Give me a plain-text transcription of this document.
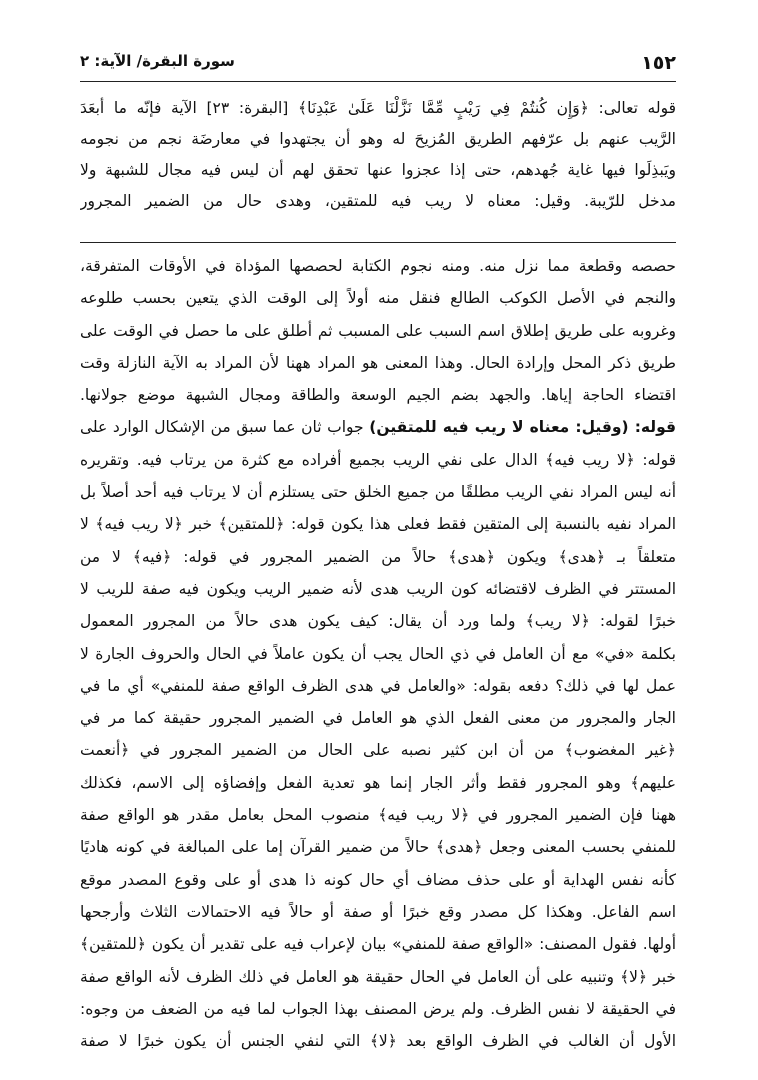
١٥٢
سورة البقرة/ الآية: ٢
قوله تعالى: ﴿وَإِن كُنتُمْ فِي رَيْبٍ مِّمَّا نَزَّلْنَا عَلَىٰ عَبْدِنَا﴾ [البقرة: ٢٣] الآية فإنّه ما أبعَدَ
الرَّيب عنهم بل عرّفهم الطريق المُزيحَ له وهو أن يجتهدوا في معارضَة نجم من نجومه
ويَبذِلَوا فيها غاية جُهدهم، حتى إذا عجزوا عنها تحقق لهم أن ليس فيه مجال للشبهة ولا
مدخل للرّيبة. وقيل: معناه لا ريب فيه للمتقين، وهدى حال من الضمير المجرور
حصصه وقطعة مما نزل منه. ومنه نجوم الكتابة لحصصها المؤداة في الأوقات المتفرقة،
والنجم في الأصل الكوكب الطالع فنقل منه أولاً إلى الوقت الذي يتعين بحسب طلوعه
وغروبه على طريق إطلاق اسم السبب على المسبب ثم أطلق على ما حصل في الوقت على
طريق ذكر المحل وإرادة الحال. وهذا المعنى هو المراد ههنا لأن المراد به الآية النازلة وقت
اقتضاء الحاجة إياها. والجهد بضم الجيم الوسعة والطاقة ومجال الشبهة موضع جولانها.
قوله: (وقيل: معناه لا ريب فيه للمتقين) جواب ثان عما سبق من الإشكال الوارد على
قوله: ﴿لا ريب فيه﴾ الدال على نفي الريب بجميع أفراده مع كثرة من يرتاب فيه. وتقريره
أنه ليس المراد نفي الريب مطلقًا من جميع الخلق حتى يستلزم أن لا يرتاب فيه أحد أصلاً بل
المراد نفيه بالنسبة إلى المتقين فقط فعلى هذا يكون قوله: ﴿للمتقين﴾ خبر ﴿لا ريب فيه﴾ لا
متعلقاً بـ ﴿هدى﴾ ويكون ﴿هدى﴾ حالاً من الضمير المجرور في قوله: ﴿فيه﴾ لا من
المستتر في الظرف لاقتضائه كون الريب هدى لأنه ضمير الريب ويكون فيه صفة للريب لا
خبرًا لقوله: ﴿لا ريب﴾ ولما ورد أن يقال: كيف يكون هدى حالاً من المجرور المعمول
بكلمة «في» مع أن العامل في ذي الحال يجب أن يكون عاملاً في الحال والحروف الجارة لا
عمل لها في ذلك؟ دفعه بقوله: «والعامل في هدى الظرف الواقع صفة للمنفي» أي ما في
الجار والمجرور من معنى الفعل الذي هو العامل في الضمير المجرور حقيقة كما مر في
﴿غير المغضوب﴾ من أن ابن كثير نصبه على الحال من الضمير المجرور في ﴿أنعمت
عليهم﴾ وهو المجرور فقط وأثر الجار إنما هو تعدية الفعل وإفضاؤه إلى الاسم، فكذلك
ههنا فإن الضمير المجرور في ﴿لا ريب فيه﴾ منصوب المحل بعامل مقدر هو الواقع صفة
للمنفي بحسب المعنى وجعل ﴿هدى﴾ حالاً من ضمير القرآن إما على المبالغة في كونه هاديًا
كأنه نفس الهداية أو على حذف مضاف أي حال كونه ذا هدى أو على وقوع المصدر موقع
اسم الفاعل. وهكذا كل مصدر وقع خبرًا أو صفة أو حالاً فيه الاحتمالات الثلاث وأرجحها
أولها. فقول المصنف: «الواقع صفة للمنفي» بيان لإعراب فيه على تقدير أن يكون ﴿للمتقين﴾
خبر ﴿لا﴾ وتنبيه على أن العامل في الحال حقيقة هو العامل في ذلك الظرف لأنه الواقع صفة
في الحقيقة لا نفس الظرف. ولم يرض المصنف بهذا الجواب لما فيه من الضعف من وجوه:
الأول أن الغالب في الظرف الواقع بعد ﴿لا﴾ التي لنفي الجنس أن يكون خبرًا لا صفة
